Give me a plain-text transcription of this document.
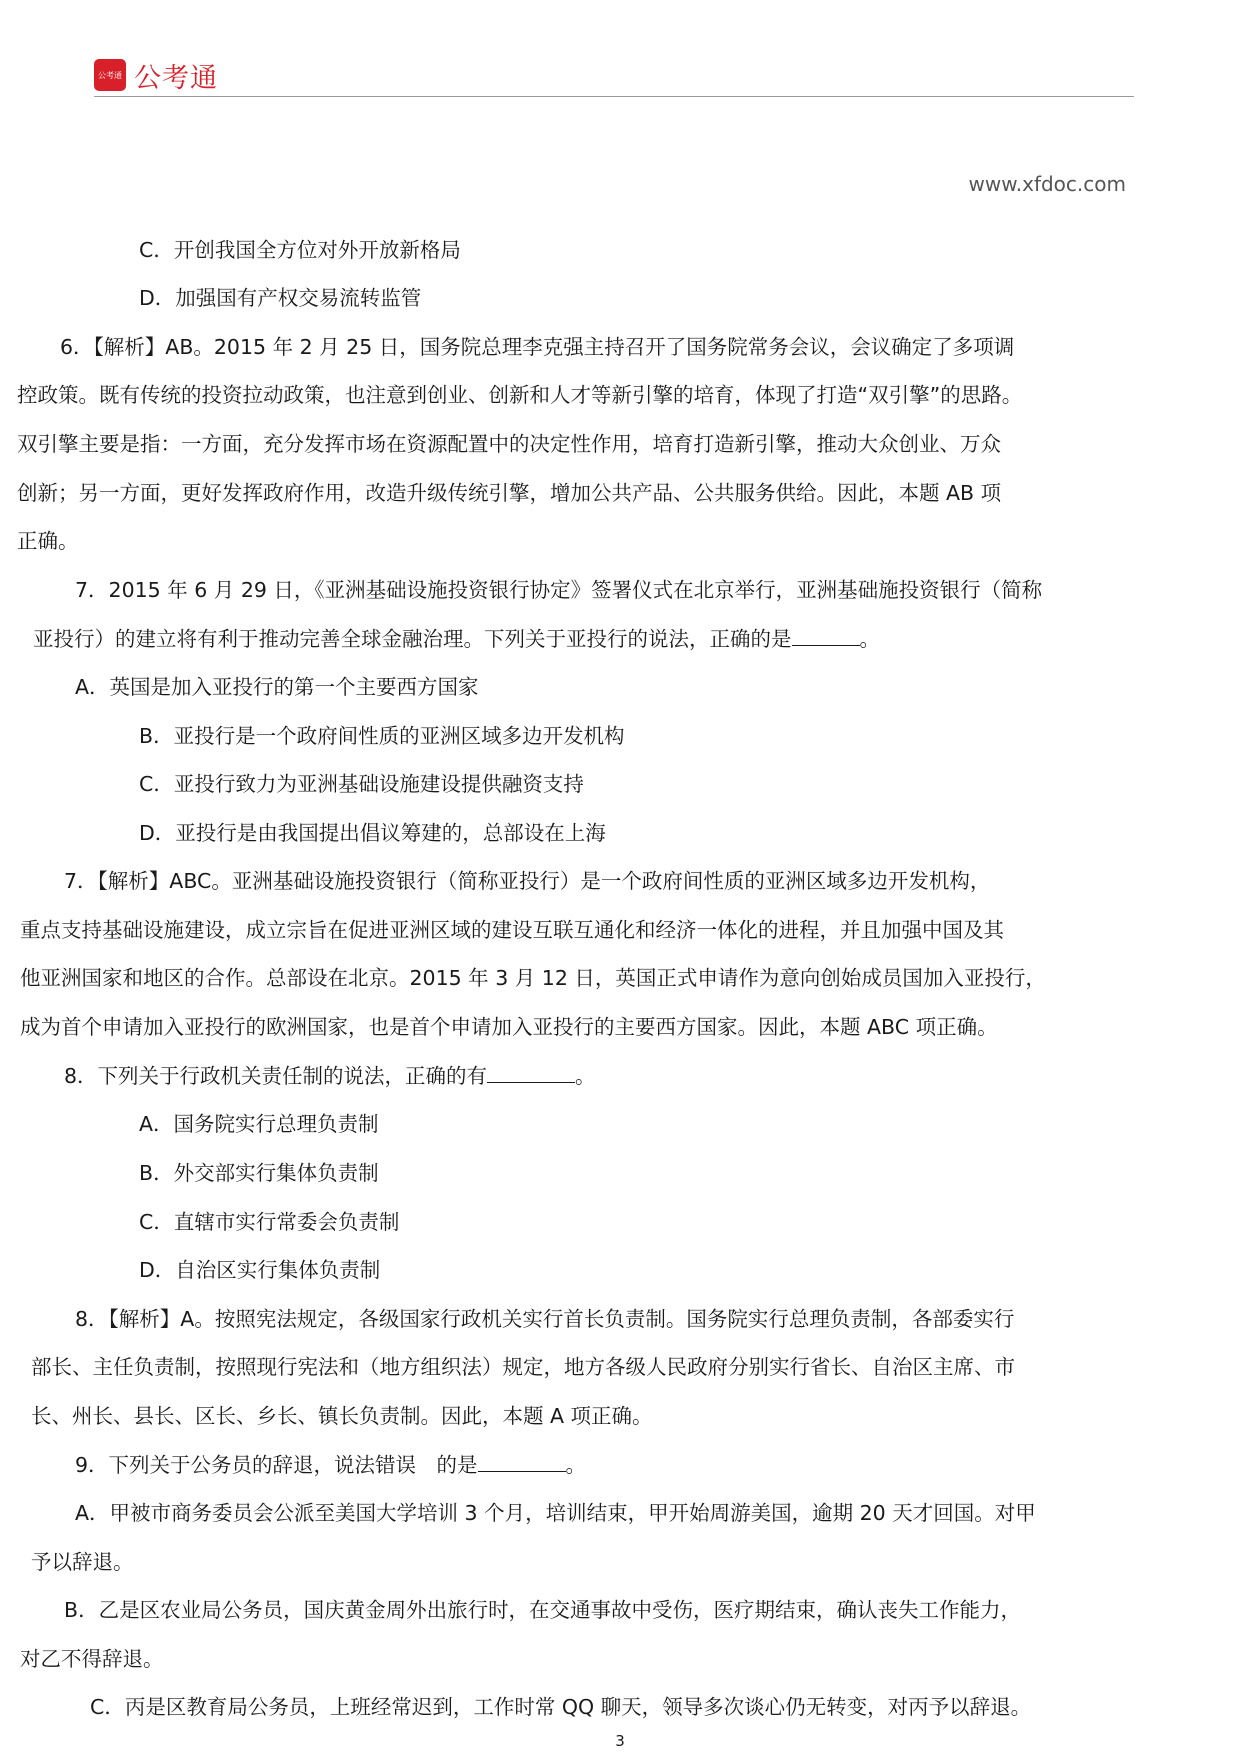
公考通 公考通
www.xfdoc.com
C．开创我国全方位对外开放新格局
D．加强国有产权交易流转监管
6．【解析】AB。2015 年 2 月 25 日，国务院总理李克强主持召开了国务院常务会议，会议确定了多项调
控政策。既有传统的投资拉动政策，也注意到创业、创新和人才等新引擎的培育，体现了打造“双引擎”的思路。
双引擎主要是指：一方面，充分发挥市场在资源配置中的决定性作用，培育打造新引擎，推动大众创业、万众
创新；另一方面，更好发挥政府作用，改造升级传统引擎，增加公共产品、公共服务供给。因此，本题 AB 项
正确。
7．2015 年 6 月 29 日，《亚洲基础设施投资银行协定》签署仪式在北京举行，亚洲基础施投资银行（简称
亚投行）的建立将有利于推动完善全球金融治理。下列关于亚投行的说法，正确的是	。
A．英国是加入亚投行的第一个主要西方国家
B．亚投行是一个政府间性质的亚洲区域多边开发机构
C．亚投行致力为亚洲基础设施建设提供融资支持
D．亚投行是由我国提出倡议筹建的，总部设在上海
7．【解析】ABC。亚洲基础设施投资银行（简称亚投行）是一个政府间性质的亚洲区域多边开发机构，
重点支持基础设施建设，成立宗旨在促进亚洲区域的建设互联互通化和经济一体化的进程，并且加强中国及其
他亚洲国家和地区的合作。总部设在北京。2015 年 3 月 12 日，英国正式申请作为意向创始成员国加入亚投行，
成为首个申请加入亚投行的欧洲国家，也是首个申请加入亚投行的主要西方国家。因此，本题 ABC 项正确。
8．下列关于行政机关责任制的说法，正确的有	。
A．国务院实行总理负责制
B．外交部实行集体负责制
C．直辖市实行常委会负责制
D．自治区实行集体负责制
8．【解析】A。按照宪法规定，各级国家行政机关实行首长负责制。国务院实行总理负责制，各部委实行
部长、主任负责制，按照现行宪法和（地方组织法）规定，地方各级人民政府分别实行省长、自治区主席、市
长、州长、县长、区长、乡长、镇长负责制。因此，本题 A 项正确。
9．下列关于公务员的辞退，说法错误　的是	。
A．甲被市商务委员会公派至美国大学培训 3 个月，培训结束，甲开始周游美国，逾期 20 天才回国。对甲
予以辞退。
B．乙是区农业局公务员，国庆黄金周外出旅行时，在交通事故中受伤，医疗期结束，确认丧失工作能力，
对乙不得辞退。
C．丙是区教育局公务员，上班经常迟到，工作时常 QQ 聊天，领导多次谈心仍无转变，对丙予以辞退。
3
